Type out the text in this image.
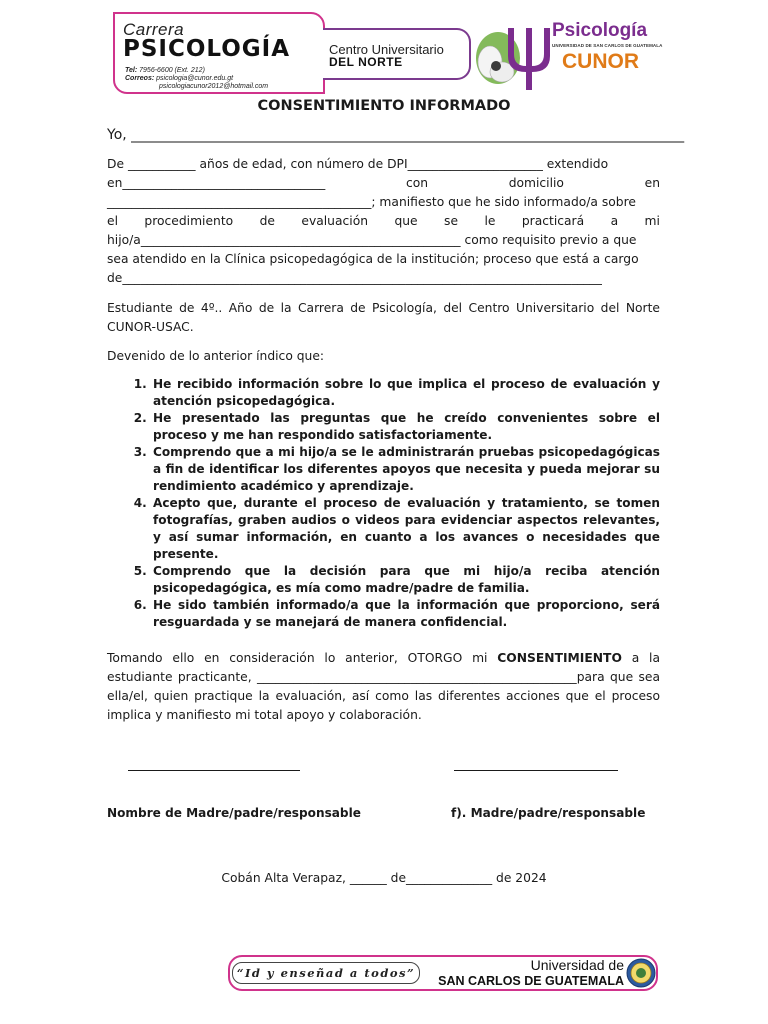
Carrera
PSICOLOGÍA
Tel: 7956-6600 (Ext. 212)
Correos: psicologia@cunor.edu.gt
psicologiacunor2012@hotmail.com
Centro Universitario
DEL NORTE
Psicología
UNIVERSIDAD DE SAN CARLOS DE GUATEMALA
CUNOR
CONSENTIMIENTO INFORMADO
Yo, _______________________________________________________________________________
De ___________ años de edad, con número de DPI______________________ extendido
en_________________________________	con	domicilio	en
___________________________________________; manifiesto que he sido informado/a sobre
el procedimiento de evaluación que se le practicará a mi
hijo/a____________________________________________________ como requisito previo a que
sea atendido en la Clínica psicopedagógica de la institución; proceso que está a cargo
de______________________________________________________________________________
Estudiante de 4º.. Año de la Carrera de Psicología, del Centro Universitario del Norte CUNOR-USAC.
Devenido de lo anterior índico que:
1. He recibido información sobre lo que implica el proceso de evaluación y atención psicopedagógica.
2. He presentado las preguntas que he creído convenientes sobre el proceso y me han respondido satisfactoriamente.
3. Comprendo que a mi hijo/a se le administrarán pruebas psicopedagógicas a fin de identificar los diferentes apoyos que necesita y pueda mejorar su rendimiento académico y aprendizaje.
4. Acepto que, durante el proceso de evaluación y tratamiento, se tomen fotografías, graben audios o videos para evidenciar aspectos relevantes, y así sumar información, en cuanto a los avances o necesidades que presente.
5. Comprendo que la decisión para que mi hijo/a reciba atención psicopedagógica, es mía como madre/padre de familia.
6. He sido también informado/a que la información que proporciono, será resguardada y se manejará de manera confidencial.
Tomando ello en consideración lo anterior, OTORGO mi CONSENTIMIENTO a la estudiante practicante, ____________________________________________________para que sea ella/el, quien practique la evaluación, así como las diferentes acciones que el proceso implica y manifiesto mi total apoyo y colaboración.
Nombre de Madre/padre/responsable	f). Madre/padre/responsable
Cobán Alta Verapaz, ______ de______________ de 2024
“Id y enseñad a todos”	Universidad de
SAN CARLOS DE GUATEMALA
